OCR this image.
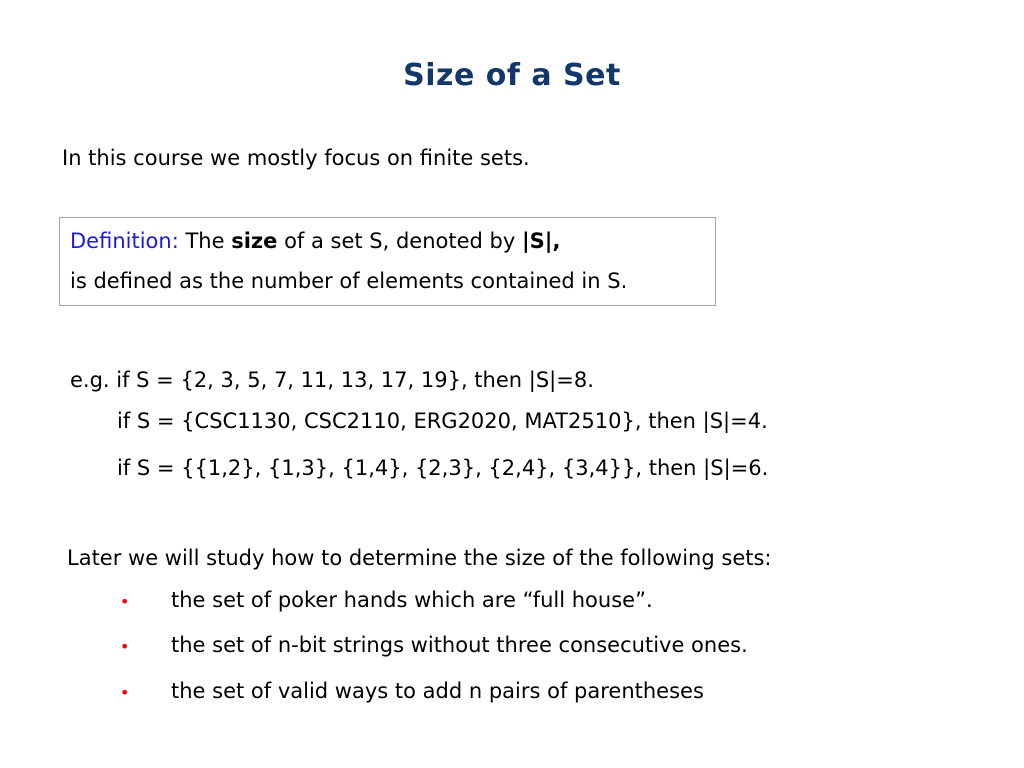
Size of a Set
In this course we mostly focus on finite sets.
Definition: The size of a set S, denoted by |S|,
is defined as the number of elements contained in S.
e.g. if S = {2, 3, 5, 7, 11, 13, 17, 19}, then |S|=8.
if S = {CSC1130, CSC2110, ERG2020, MAT2510}, then |S|=4.
if S = {{1,2}, {1,3}, {1,4}, {2,3}, {2,4}, {3,4}}, then |S|=6.
Later we will study how to determine the size of the following sets:
• the set of poker hands which are “full house”.
• the set of n-bit strings without three consecutive ones.
• the set of valid ways to add n pairs of parentheses
